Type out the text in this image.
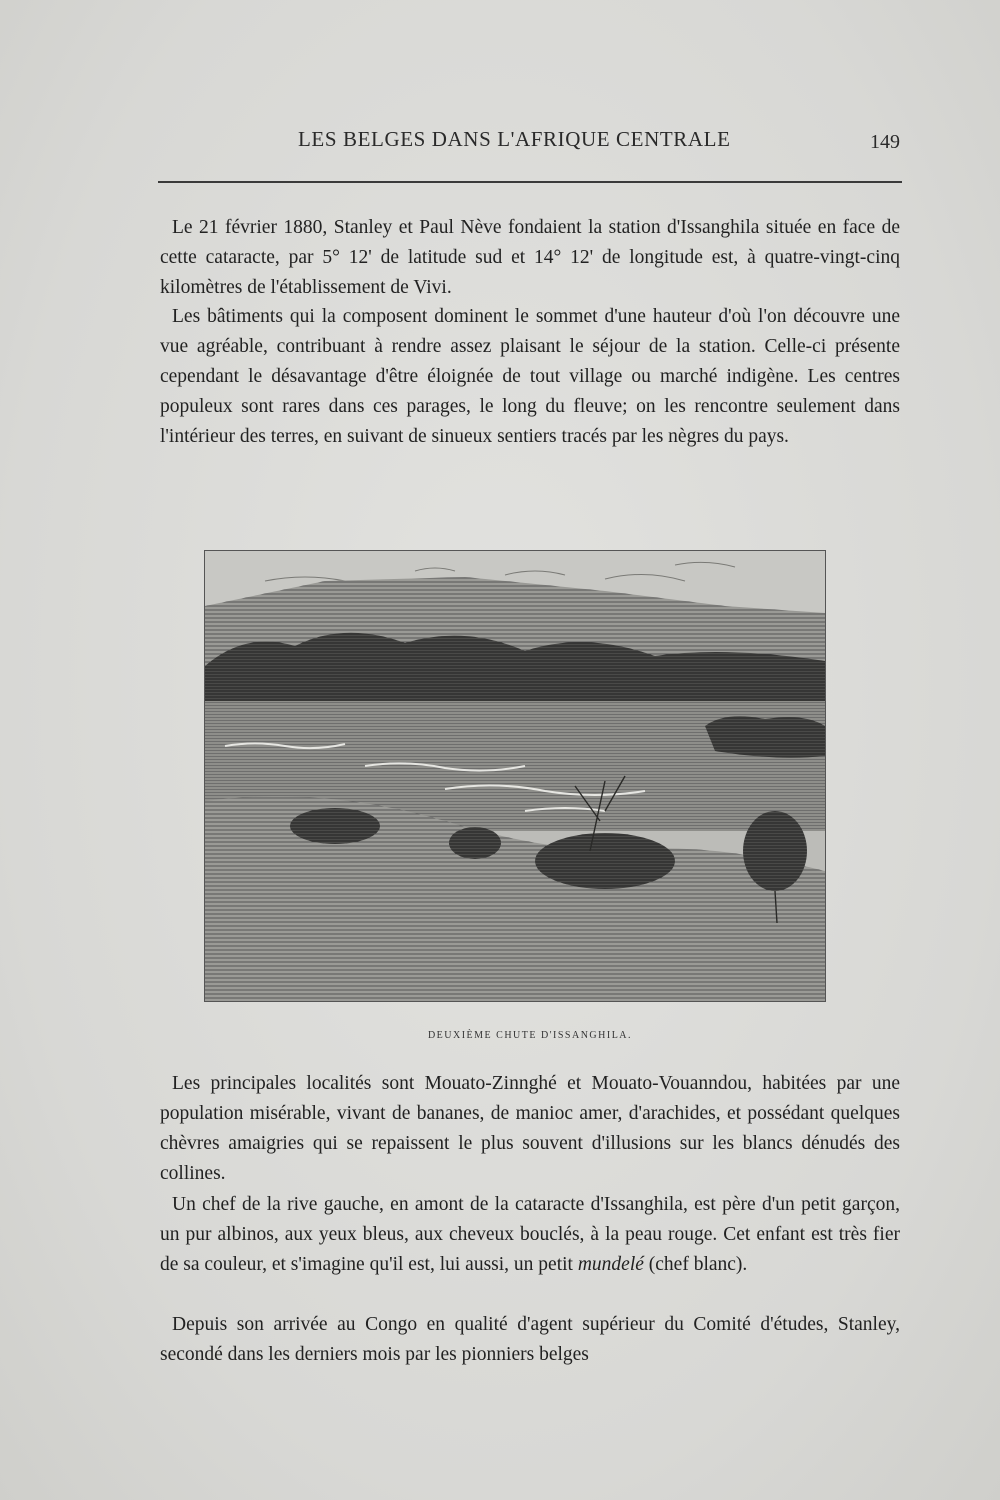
LES BELGES DANS L'AFRIQUE CENTRALE	149

Le 21 février 1880, Stanley et Paul Nève fondaient la station d'Issanghila située en face de cette cataracte, par 5° 12' de latitude sud et 14° 12' de longitude est, à quatre-vingt-cinq kilomètres de l'établissement de Vivi.

Les bâtiments qui la composent dominent le sommet d'une hauteur d'où l'on découvre une vue agréable, contribuant à rendre assez plaisant le séjour de la station. Celle-ci présente cependant le désavantage d'être éloignée de tout village ou marché indigène. Les centres populeux sont rares dans ces parages, le long du fleuve; on les rencontre seulement dans l'intérieur des terres, en suivant de sinueux sentiers tracés par les nègres du pays.

DEUXIÈME CHUTE D'ISSANGHILA.

Les principales localités sont Mouato-Zinnghé et Mouato-Vouanndou, habitées par une population misérable, vivant de bananes, de manioc amer, d'arachides, et possédant quelques chèvres amaigries qui se repaissent le plus souvent d'illusions sur les blancs dénudés des collines.

Un chef de la rive gauche, en amont de la cataracte d'Issanghila, est père d'un petit garçon, un pur albinos, aux yeux bleus, aux cheveux bouclés, à la peau rouge. Cet enfant est très fier de sa couleur, et s'imagine qu'il est, lui aussi, un petit mundelé (chef blanc).

Depuis son arrivée au Congo en qualité d'agent supérieur du Comité d'études, Stanley, secondé dans les derniers mois par les pionniers belges
